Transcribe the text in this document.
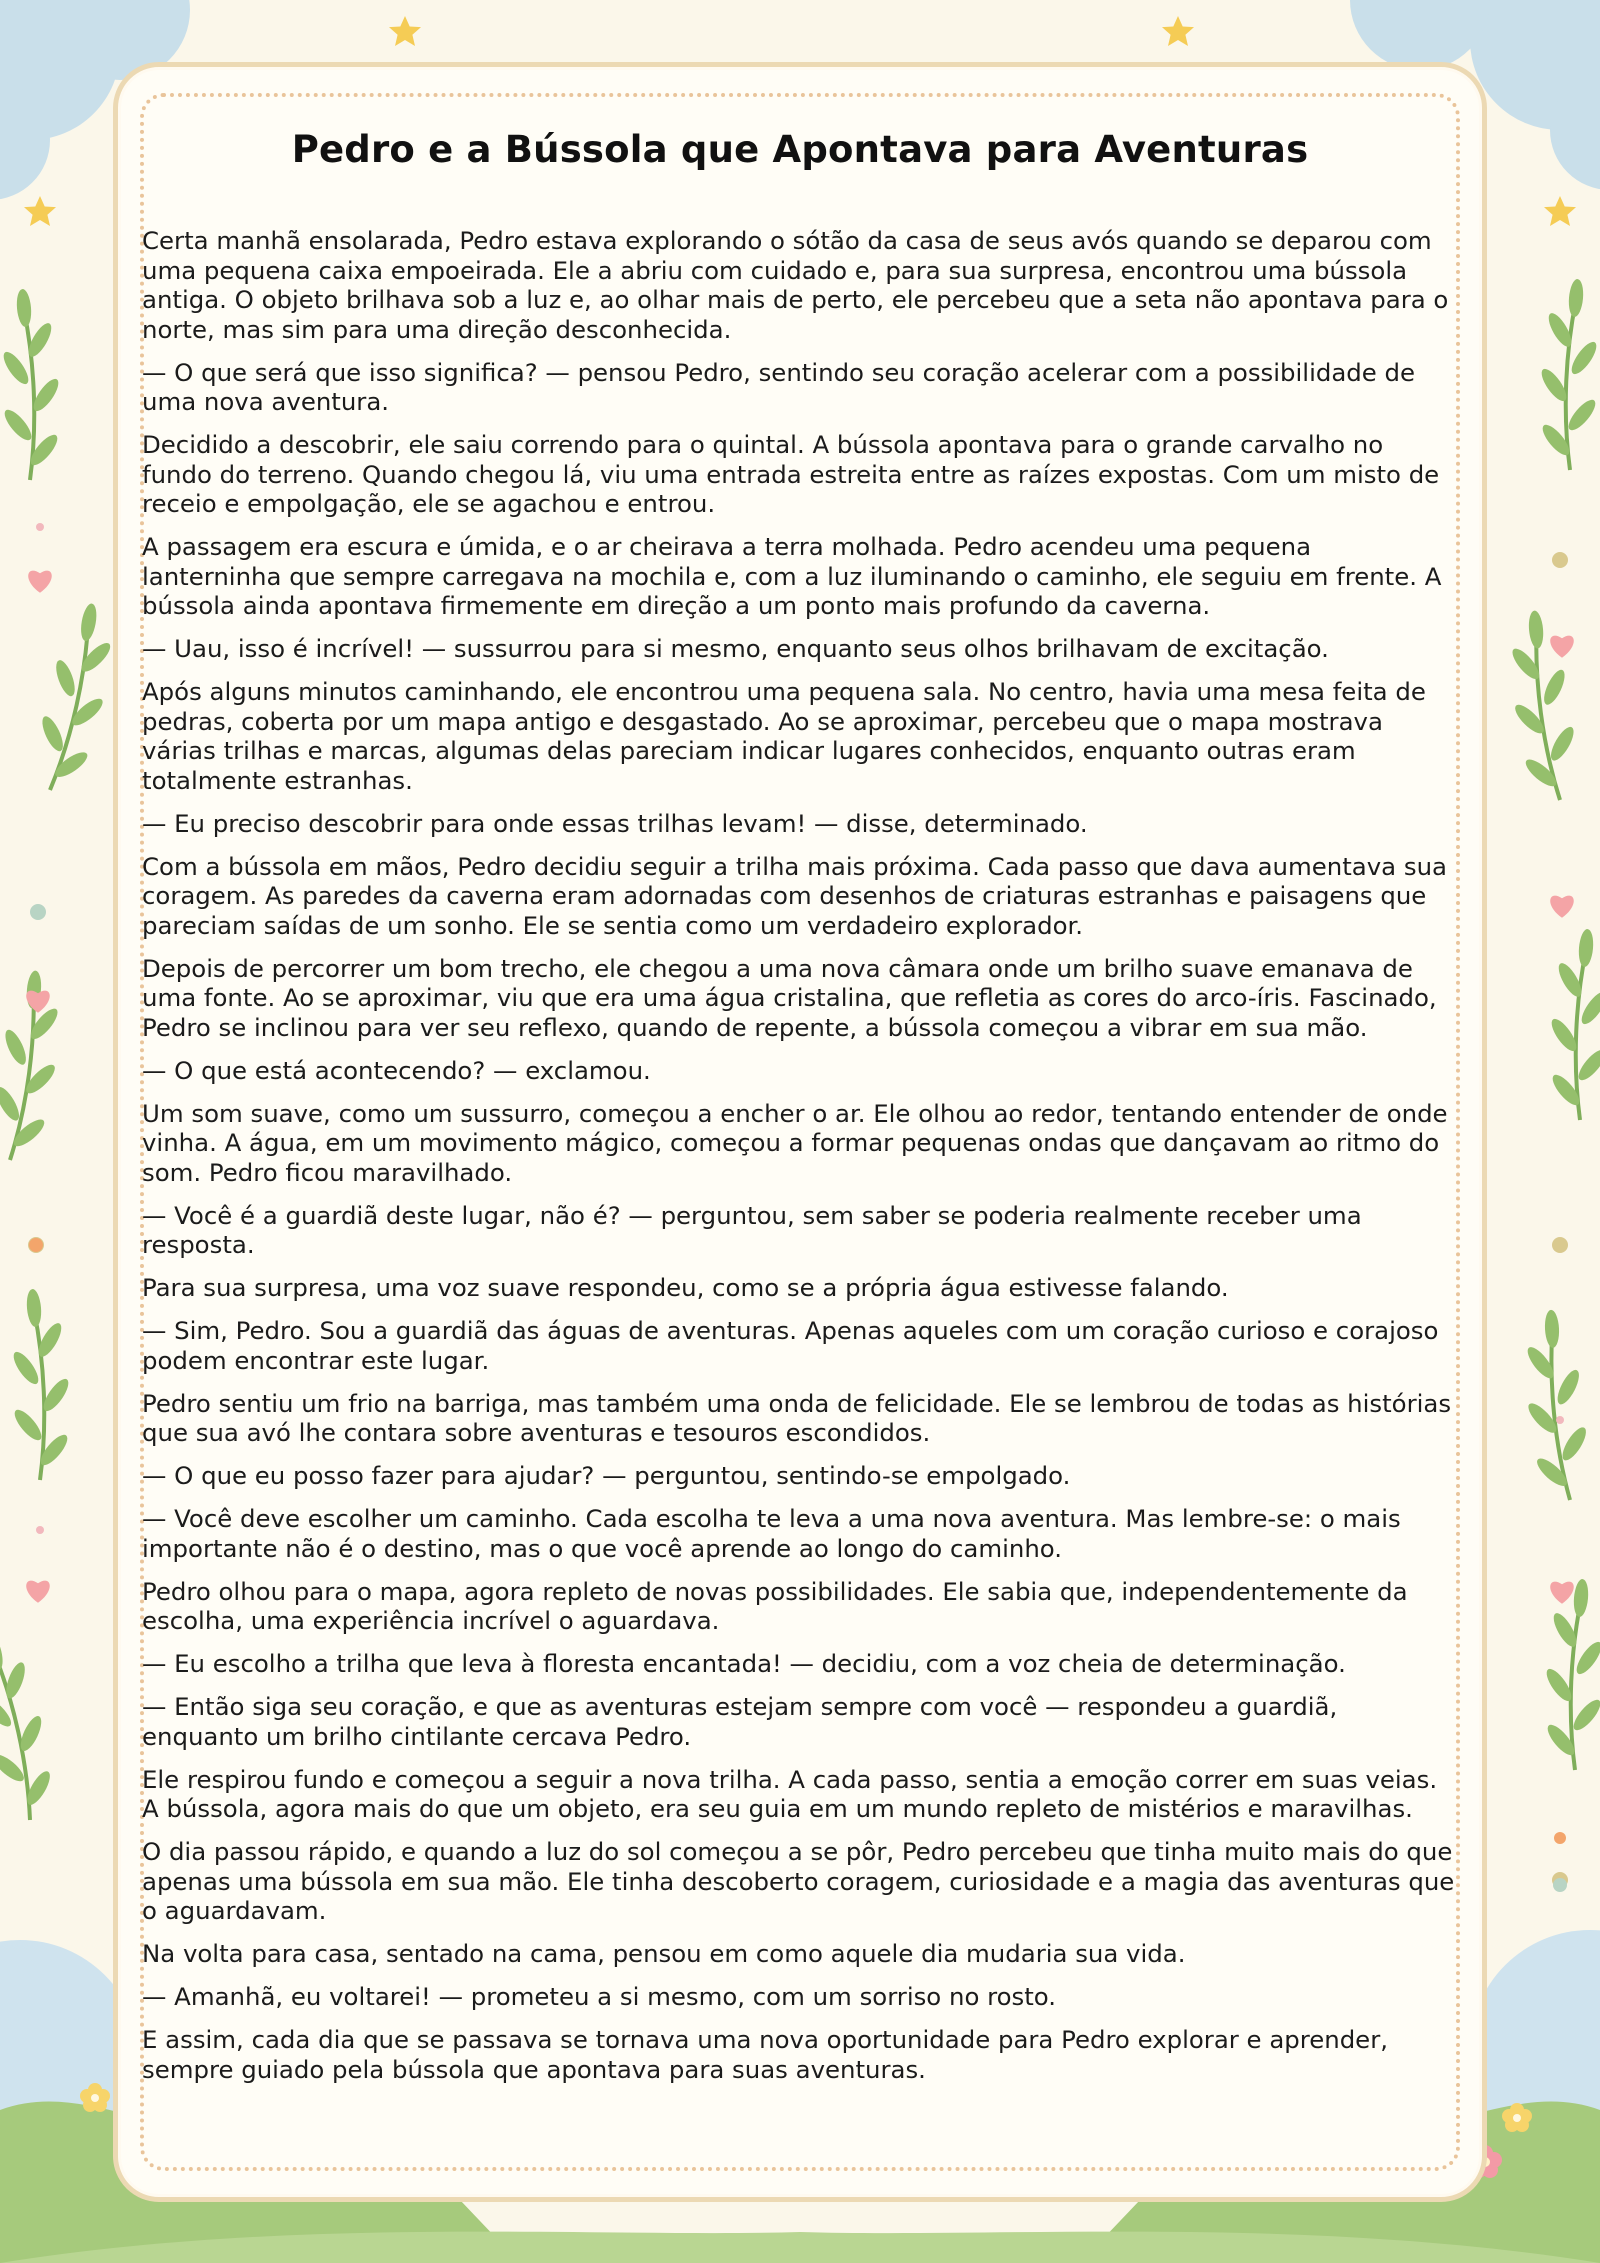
Pedro e a Bússola que Apontava para Aventuras

Certa manhã ensolarada, Pedro estava explorando o sótão da casa de seus avós quando se deparou com uma pequena caixa empoeirada. Ele a abriu com cuidado e, para sua surpresa, encontrou uma bússola antiga. O objeto brilhava sob a luz e, ao olhar mais de perto, ele percebeu que a seta não apontava para o norte, mas sim para uma direção desconhecida.

— O que será que isso significa? — pensou Pedro, sentindo seu coração acelerar com a possibilidade de uma nova aventura.

Decidido a descobrir, ele saiu correndo para o quintal. A bússola apontava para o grande carvalho no fundo do terreno. Quando chegou lá, viu uma entrada estreita entre as raízes expostas. Com um misto de receio e empolgação, ele se agachou e entrou.

A passagem era escura e úmida, e o ar cheirava a terra molhada. Pedro acendeu uma pequena lanterninha que sempre carregava na mochila e, com a luz iluminando o caminho, ele seguiu em frente. A bússola ainda apontava firmemente em direção a um ponto mais profundo da caverna.

— Uau, isso é incrível! — sussurrou para si mesmo, enquanto seus olhos brilhavam de excitação.

Após alguns minutos caminhando, ele encontrou uma pequena sala. No centro, havia uma mesa feita de pedras, coberta por um mapa antigo e desgastado. Ao se aproximar, percebeu que o mapa mostrava várias trilhas e marcas, algumas delas pareciam indicar lugares conhecidos, enquanto outras eram totalmente estranhas.

— Eu preciso descobrir para onde essas trilhas levam! — disse, determinado.

Com a bússola em mãos, Pedro decidiu seguir a trilha mais próxima. Cada passo que dava aumentava sua coragem. As paredes da caverna eram adornadas com desenhos de criaturas estranhas e paisagens que pareciam saídas de um sonho. Ele se sentia como um verdadeiro explorador.

Depois de percorrer um bom trecho, ele chegou a uma nova câmara onde um brilho suave emanava de uma fonte. Ao se aproximar, viu que era uma água cristalina, que refletia as cores do arco-íris. Fascinado, Pedro se inclinou para ver seu reflexo, quando de repente, a bússola começou a vibrar em sua mão.

— O que está acontecendo? — exclamou.

Um som suave, como um sussurro, começou a encher o ar. Ele olhou ao redor, tentando entender de onde vinha. A água, em um movimento mágico, começou a formar pequenas ondas que dançavam ao ritmo do som. Pedro ficou maravilhado.

— Você é a guardiã deste lugar, não é? — perguntou, sem saber se poderia realmente receber uma resposta.

Para sua surpresa, uma voz suave respondeu, como se a própria água estivesse falando.

— Sim, Pedro. Sou a guardiã das águas de aventuras. Apenas aqueles com um coração curioso e corajoso podem encontrar este lugar.

Pedro sentiu um frio na barriga, mas também uma onda de felicidade. Ele se lembrou de todas as histórias que sua avó lhe contara sobre aventuras e tesouros escondidos.

— O que eu posso fazer para ajudar? — perguntou, sentindo-se empolgado.

— Você deve escolher um caminho. Cada escolha te leva a uma nova aventura. Mas lembre-se: o mais importante não é o destino, mas o que você aprende ao longo do caminho.

Pedro olhou para o mapa, agora repleto de novas possibilidades. Ele sabia que, independentemente da escolha, uma experiência incrível o aguardava.

— Eu escolho a trilha que leva à floresta encantada! — decidiu, com a voz cheia de determinação.

— Então siga seu coração, e que as aventuras estejam sempre com você — respondeu a guardiã, enquanto um brilho cintilante cercava Pedro.

Ele respirou fundo e começou a seguir a nova trilha. A cada passo, sentia a emoção correr em suas veias. A bússola, agora mais do que um objeto, era seu guia em um mundo repleto de mistérios e maravilhas.

O dia passou rápido, e quando a luz do sol começou a se pôr, Pedro percebeu que tinha muito mais do que apenas uma bússola em sua mão. Ele tinha descoberto coragem, curiosidade e a magia das aventuras que o aguardavam.

Na volta para casa, sentado na cama, pensou em como aquele dia mudaria sua vida.

— Amanhã, eu voltarei! — prometeu a si mesmo, com um sorriso no rosto.

E assim, cada dia que se passava se tornava uma nova oportunidade para Pedro explorar e aprender, sempre guiado pela bússola que apontava para suas aventuras.
